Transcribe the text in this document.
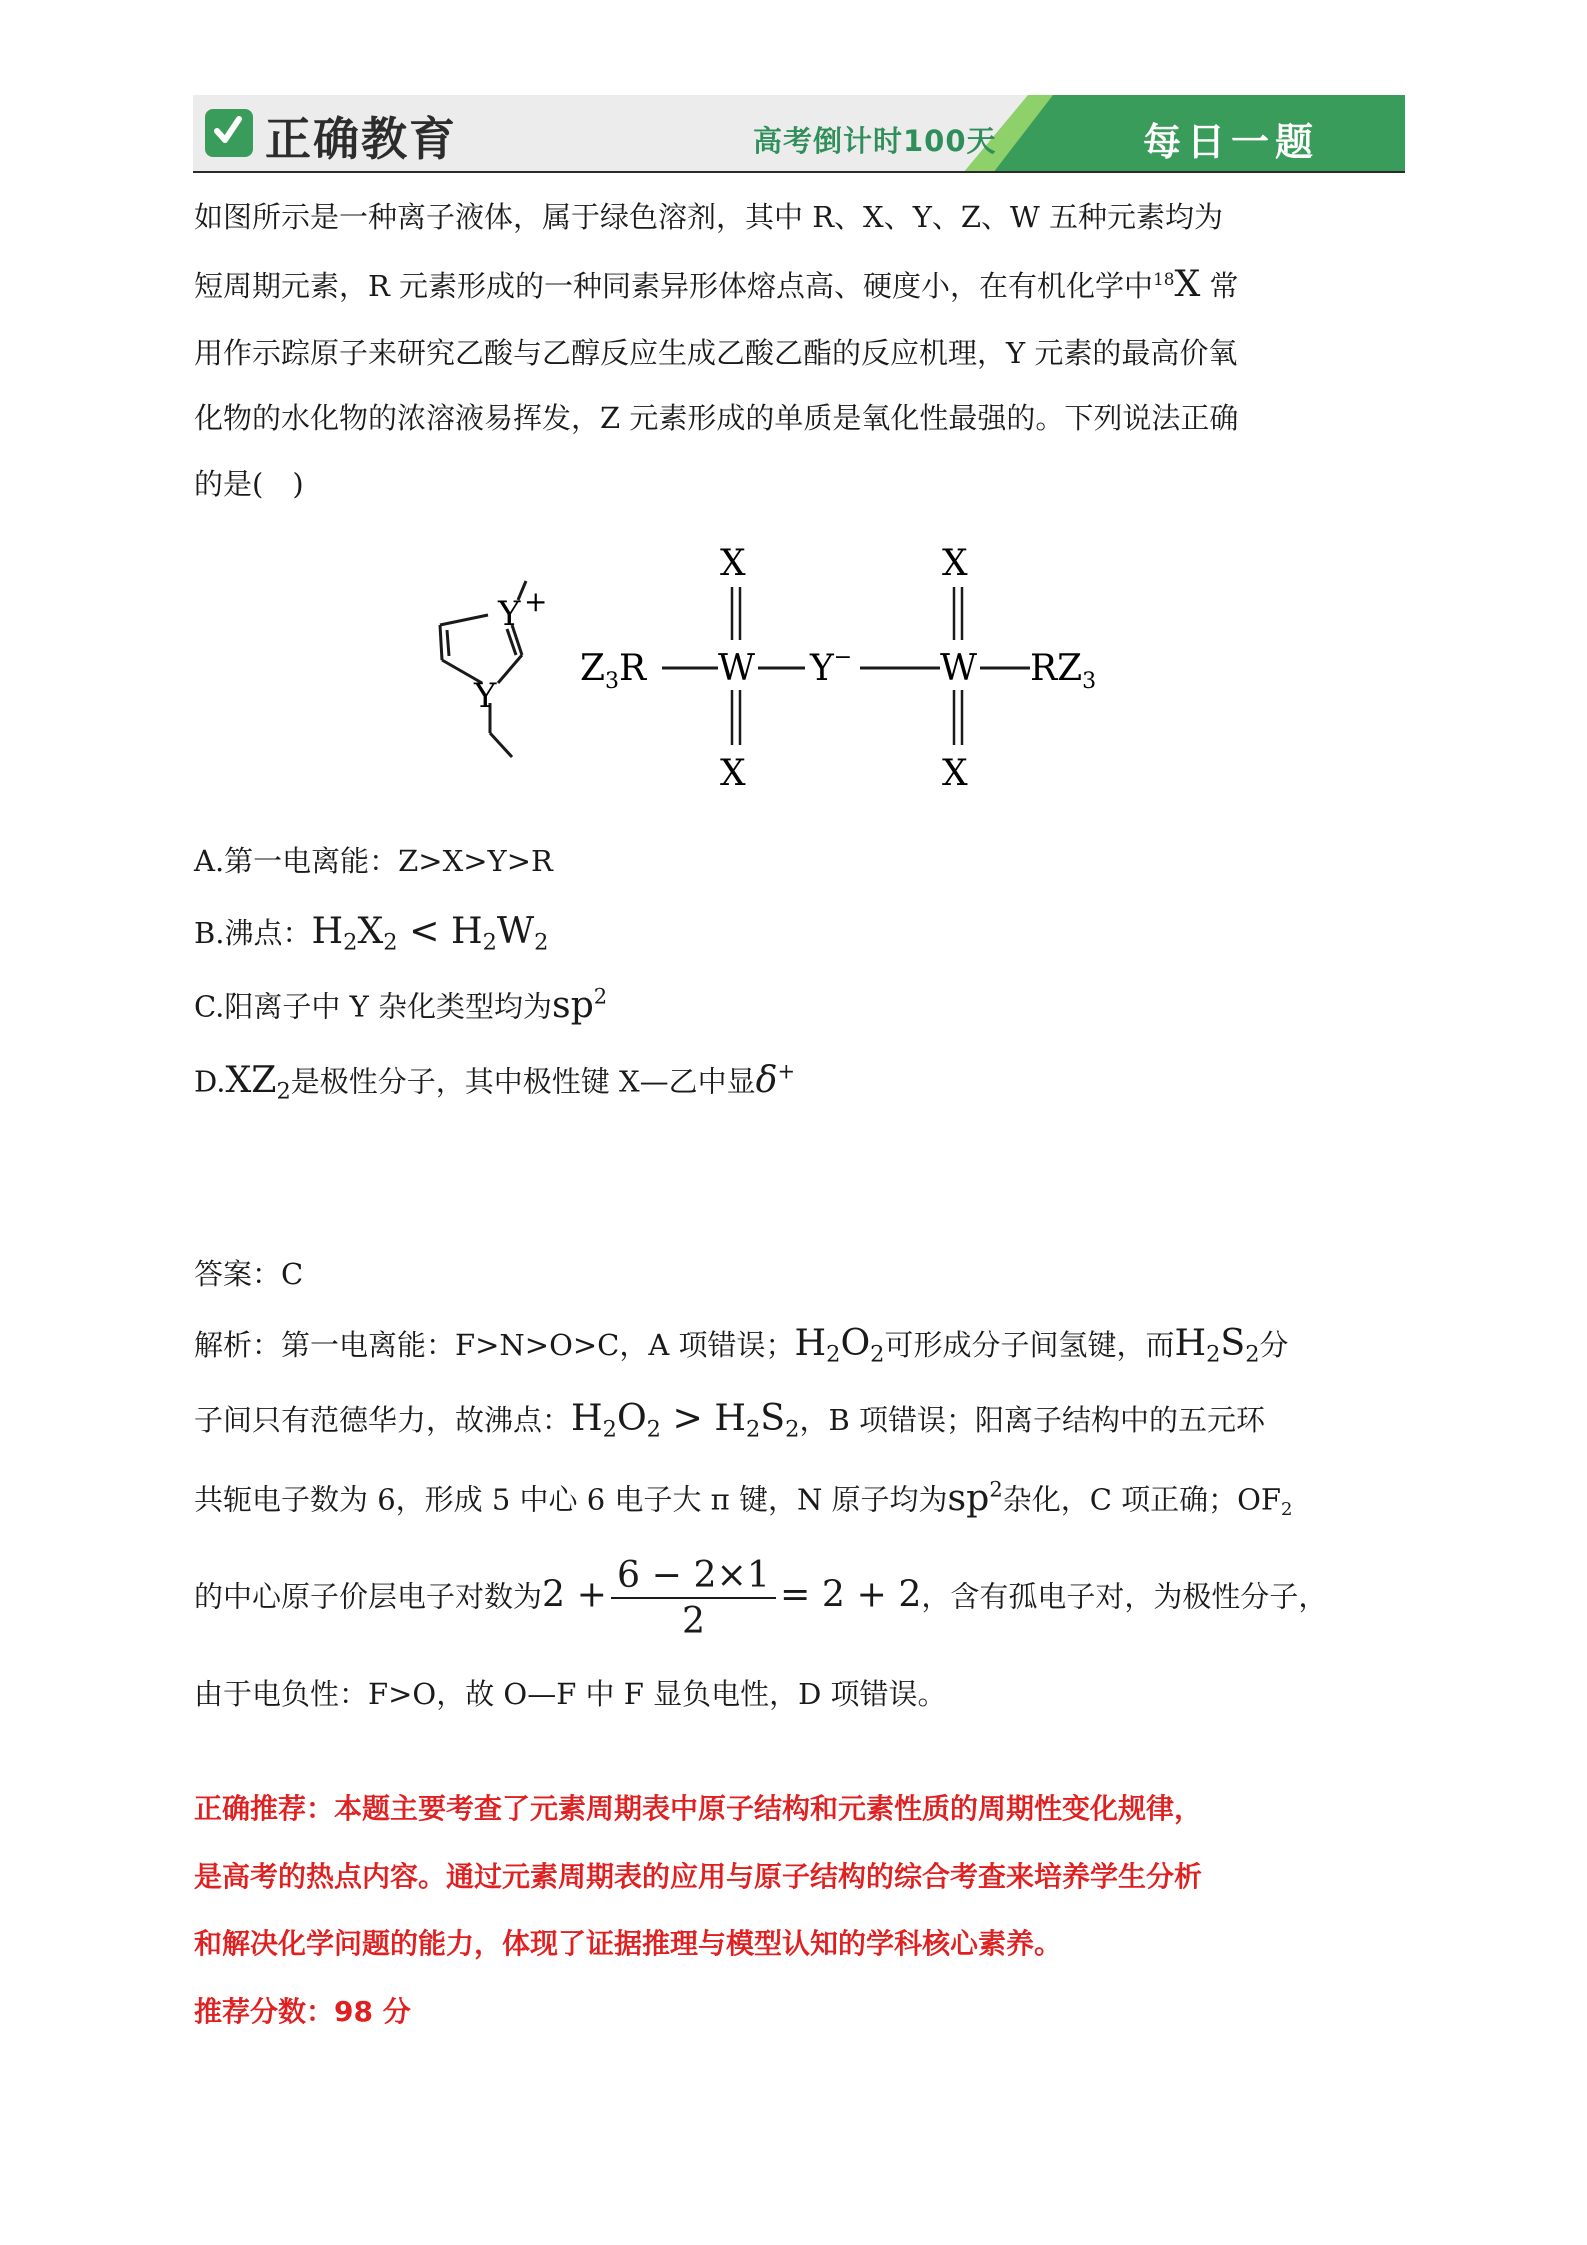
正确教育	高考倒计时100天	每日一题
如图所示是一种离子液体，属于绿色溶剂，其中 R、X、Y、Z、W 五种元素均为
短周期元素，R 元素形成的一种同素异形体熔点高、硬度小，在有机化学中$^{18}$X 常
用作示踪原子来研究乙酸与乙醇反应生成乙酸乙酯的反应机理，Y 元素的最高价氧
化物的水化物的浓溶液易挥发，Z 元素形成的单质是氧化性最强的。下列说法正确
的是(　)
Y +
Y
$Z_3R$ W Y− W $RZ_3$
X
X
X
X
A.第一电离能：Z>X>Y>R
B.沸点：$H_2X_2 < H_2W_2$
C.阳离子中 Y 杂化类型均为$sp^2$
$D.XZ_2$是极性分子，其中极性键 X—乙中显δ+
答案：C
解析：第一电离能：F>N>O>C，A 项错误；$H_2O_2$可形成分子间氢键，而$H_2S_2$分
子间只有范德华力，故沸点：$H_2O_2 > H_2S_2$，B 项错误；阳离子结构中的五元环
共轭电子数为 6，形成 5 中心 6 电子大 π 键，N 原子均为$sp^2$杂化，C 项正确；$OF_2$
的中心原子价层电子对数为$2 + \frac{6 - 2\times 1}{2} = 2 + 2$，含有孤电子对，为极性分子，
由于电负性：F>O，故 O—F 中 F 显负电性，D 项错误。
正确推荐：本题主要考查了元素周期表中原子结构和元素性质的周期性变化规律，
是高考的热点内容。通过元素周期表的应用与原子结构的综合考查来培养学生分析
和解决化学问题的能力，体现了证据推理与模型认知的学科核心素养。
推荐分数：98 分
